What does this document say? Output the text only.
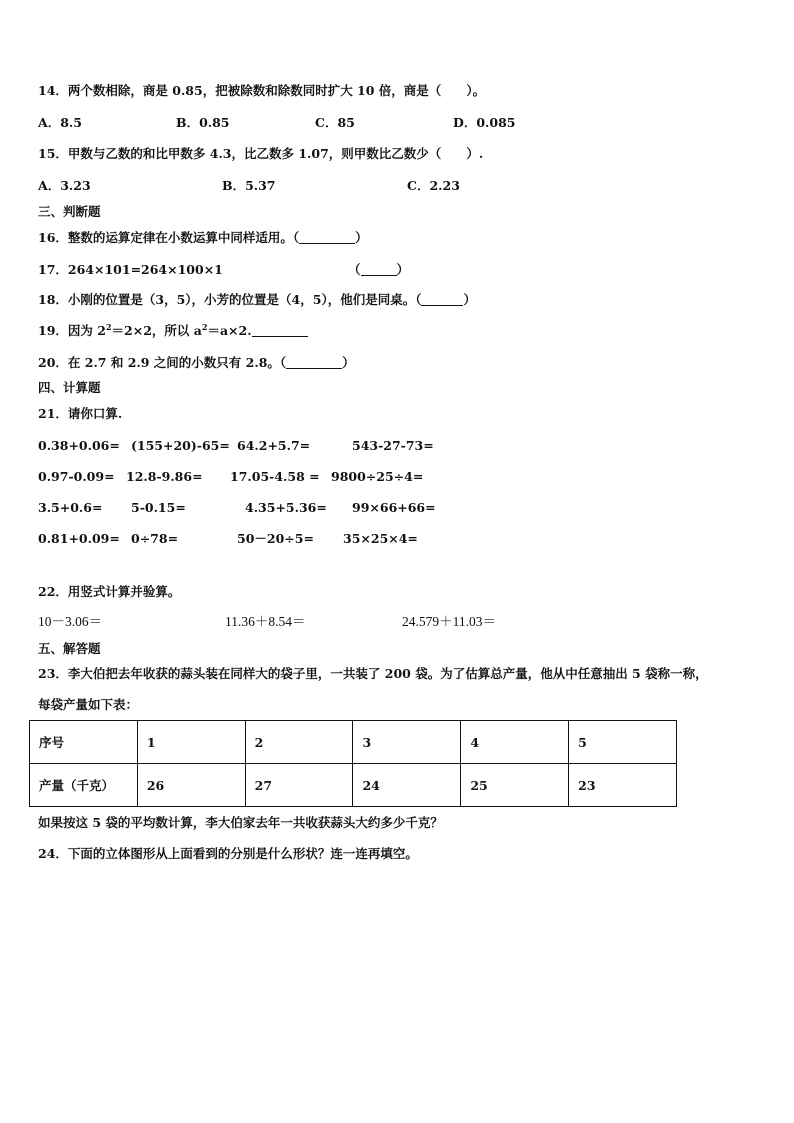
14．两个数相除，商是 0.85，把被除数和除数同时扩大 10 倍，商是（　　）。
A．8.5	B．0.85	C．85	D．0.085
15．甲数与乙数的和比甲数多 4.3，比乙数多 1.07，则甲数比乙数少（　　）.
A．3.23	B．5.37	C．2.23
三、判断题
16．整数的运算定律在小数运算中同样适用。（	）
17．264×101=264×100×1	（	）
18．小刚的位置是（3，5），小芳的位置是（4，5），他们是同桌。（	）
19．因为 $2^2=2\times 2$，所以 $a^2=a\times 2$.
20．在 2.7 和 2.9 之间的小数只有 2.8。（	）
四、计算题
21．请你口算.
0.38+0.06= (155+20)-65= 64.2+5.7=	543-27-73=
0.97-0.09= 12.8-9.86= 17.05-4.58 = 9800÷25÷4=
3.5+0.6= 5-0.15=	4.35+5.36= 99×66+66=
0.81+0.09= 0÷78=	50－20÷5= 35×25×4=
22．用竖式计算并验算。
10－3.06＝	11.36＋8.54＝	24.579＋11.03＝
五、解答题
23．李大伯把去年收获的蒜头装在同样大的袋子里，一共装了 200 袋。为了估算总产量，他从中任意抽出 5 袋称一称，
每袋产量如下表：
序号	1	2	3	4	5
产量（千克）	26	27	24	25	23
如果按这 5 袋的平均数计算，李大伯家去年一共收获蒜头大约多少千克？
24．下面的立体图形从上面看到的分别是什么形状？连一连再填空。
